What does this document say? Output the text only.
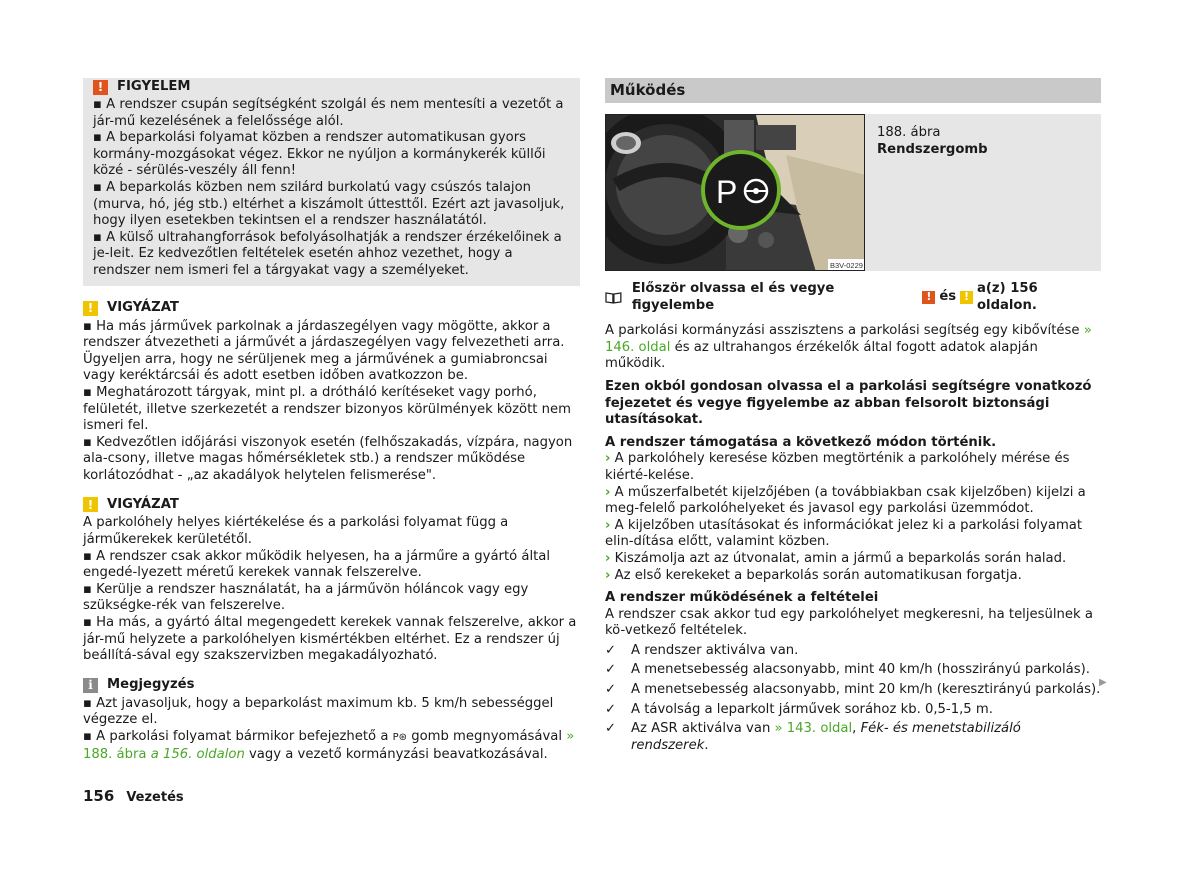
!	FIGYELEM

▪ A rendszer csupán segítségként szolgál és nem mentesíti a vezetőt a jár-mű kezelésének a felelőssége alól.

▪ A beparkolási folyamat közben a rendszer automatikusan gyors kormány-mozgásokat végez. Ekkor ne nyúljon a kormánykerék küllői közé - sérülés-veszély áll fenn!

▪ A beparkolás közben nem szilárd burkolatú vagy csúszós talajon (murva, hó, jég stb.) eltérhet a kiszámolt úttesttől. Ezért azt javasoljuk, hogy ilyen esetekben tekintsen el a rendszer használatától.

▪ A külső ultrahangforrások befolyásolhatják a rendszer érzékelőinek a je-leit. Ez kedvezőtlen feltételek esetén ahhoz vezethet, hogy a rendszer nem ismeri fel a tárgyakat vagy a személyeket.

!	VIGYÁZAT

▪ Ha más járművek parkolnak a járdaszegélyen vagy mögötte, akkor a rendszer átvezetheti a járművét a járdaszegélyen vagy felvezetheti arra. Ügyeljen arra, hogy ne sérüljenek meg a járművének a gumiabroncsai vagy keréktárcsái és adott esetben időben avatkozzon be.

▪ Meghatározott tárgyak, mint pl. a drótháló kerítéseket vagy porhó, felületét, illetve szerkezetét a rendszer bizonyos körülmények között nem ismeri fel.

▪ Kedvezőtlen időjárási viszonyok esetén (felhőszakadás, vízpára, nagyon ala-csony, illetve magas hőmérsékletek stb.) a rendszer működése korlátozódhat - „az akadályok helytelen felismerése".

!	VIGYÁZAT

A parkolóhely helyes kiértékelése és a parkolási folyamat függ a járműkerekek kerületétől.

▪ A rendszer csak akkor működik helyesen, ha a járműre a gyártó által engedé-lyezett méretű kerekek vannak felszerelve.

▪ Kerülje a rendszer használatát, ha a járművön hóláncok vagy egy szükségke-rék van felszerelve.

▪ Ha más, a gyártó által megengedett kerekek vannak felszerelve, akkor a jár-mű helyzete a parkolóhelyen kismértékben eltérhet. Ez a rendszer új beállítá-sával egy szakszervizben megakadályozható.

i	Megjegyzés

▪ Azt javasoljuk, hogy a beparkolást maximum kb. 5 km/h sebességgel végezze el.

▪ A parkolási folyamat bármikor befejezhető a P⊛ gomb megnyomásával » 188. ábra a 156. oldalon vagy a vezető kormányzási beavatkozásával.

Működés
P
B3V-0229
188. ábra
Rendszergomb
Először olvassa el és vegye figyelembe
! és !
a(z) 156 oldalon.

A parkolási kormányzási asszisztens a parkolási segítség egy kibővítése » 146. oldal és az ultrahangos érzékelők által fogott adatok alapján működik.

Ezen okból gondosan olvassa el a parkolási segítségre vonatkozó fejezetet és vegye figyelembe az abban felsorolt biztonsági utasításokat.

A rendszer támogatása a következő módon történik.

› A parkolóhely keresése közben megtörténik a parkolóhely mérése és kiérté-kelése.

› A műszerfalbetét kijelzőjében (a továbbiakban csak kijelzőben) kijelzi a meg-felelő parkolóhelyeket és javasol egy parkolási üzemmódot.

› A kijelzőben utasításokat és információkat jelez ki a parkolási folyamat elin-dítása előtt, valamint közben.

› Kiszámolja azt az útvonalat, amin a jármű a beparkolás során halad.

› Az első kerekeket a beparkolás során automatikusan forgatja.

A rendszer működésének a feltételei

A rendszer csak akkor tud egy parkolóhelyet megkeresni, ha teljesülnek a kö-vetkező feltételek.

✓	A rendszer aktiválva van.
✓	A menetsebesség alacsonyabb, mint 40 km/h (hosszirányú parkolás).
✓	A menetsebesség alacsonyabb, mint 20 km/h (keresztirányú parkolás).
✓	A távolság a leparkolt járművek sorához kb. 0,5-1,5 m.
✓	Az ASR aktiválva van » 143. oldal, Fék- és menetstabilizáló rendszerek.
▶
156 Vezetés
